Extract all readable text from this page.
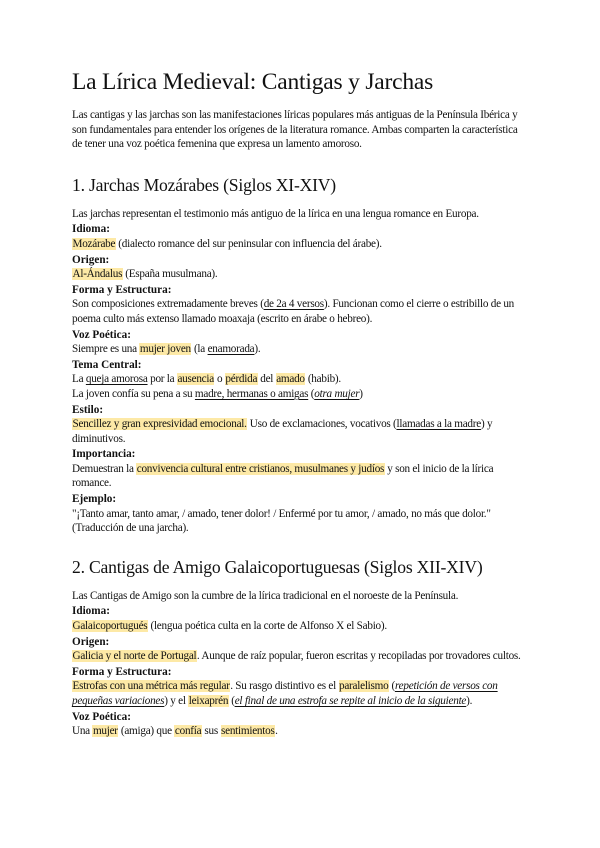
La Lírica Medieval: Cantigas y Jarchas

Las cantigas y las jarchas son las manifestaciones líricas populares más antiguas de la Península Ibérica y son fundamentales para entender los orígenes de la literatura romance. Ambas comparten la característica de tener una voz poética femenina que expresa un lamento amoroso.

1. Jarchas Mozárabes (Siglos XI-XIV)

Las jarchas representan el testimonio más antiguo de la lírica en una lengua romance en Europa.

Idioma:

Mozárabe (dialecto romance del sur peninsular con influencia del árabe).

Origen:

Al-Ándalus (España musulmana).

Forma y Estructura:

Son composiciones extremadamente breves (de 2a 4 versos). Funcionan como el cierre o estribillo de un poema culto más extenso llamado moaxaja (escrito en árabe o hebreo).

Voz Poética:

Siempre es una mujer joven (la enamorada).

Tema Central:

La queja amorosa por la ausencia o pérdida del amado (habib).

La joven confía su pena a su madre, hermanas o amigas (otra mujer)

Estilo:

Sencillez y gran expresividad emocional. Uso de exclamaciones, vocativos (llamadas a la madre) y diminutivos.

Importancia:

Demuestran la convivencia cultural entre cristianos, musulmanes y judíos y son el inicio de la lírica romance.

Ejemplo:

"¡Tanto amar, tanto amar, / amado, tener dolor! / Enfermé por tu amor, / amado, no más que dolor." (Traducción de una jarcha).

2. Cantigas de Amigo Galaicoportuguesas (Siglos XII-XIV)

Las Cantigas de Amigo son la cumbre de la lírica tradicional en el noroeste de la Península.

Idioma:

Galaicoportugués (lengua poética culta en la corte de Alfonso X el Sabio).

Origen:

Galicia y el norte de Portugal. Aunque de raíz popular, fueron escritas y recopiladas por trovadores cultos.

Forma y Estructura:

Estrofas con una métrica más regular. Su rasgo distintivo es el paralelismo (repetición de versos con pequeñas variaciones) y el leixaprén (el final de una estrofa se repite al inicio de la siguiente).

Voz Poética:

Una mujer (amiga) que confía sus sentimientos.
